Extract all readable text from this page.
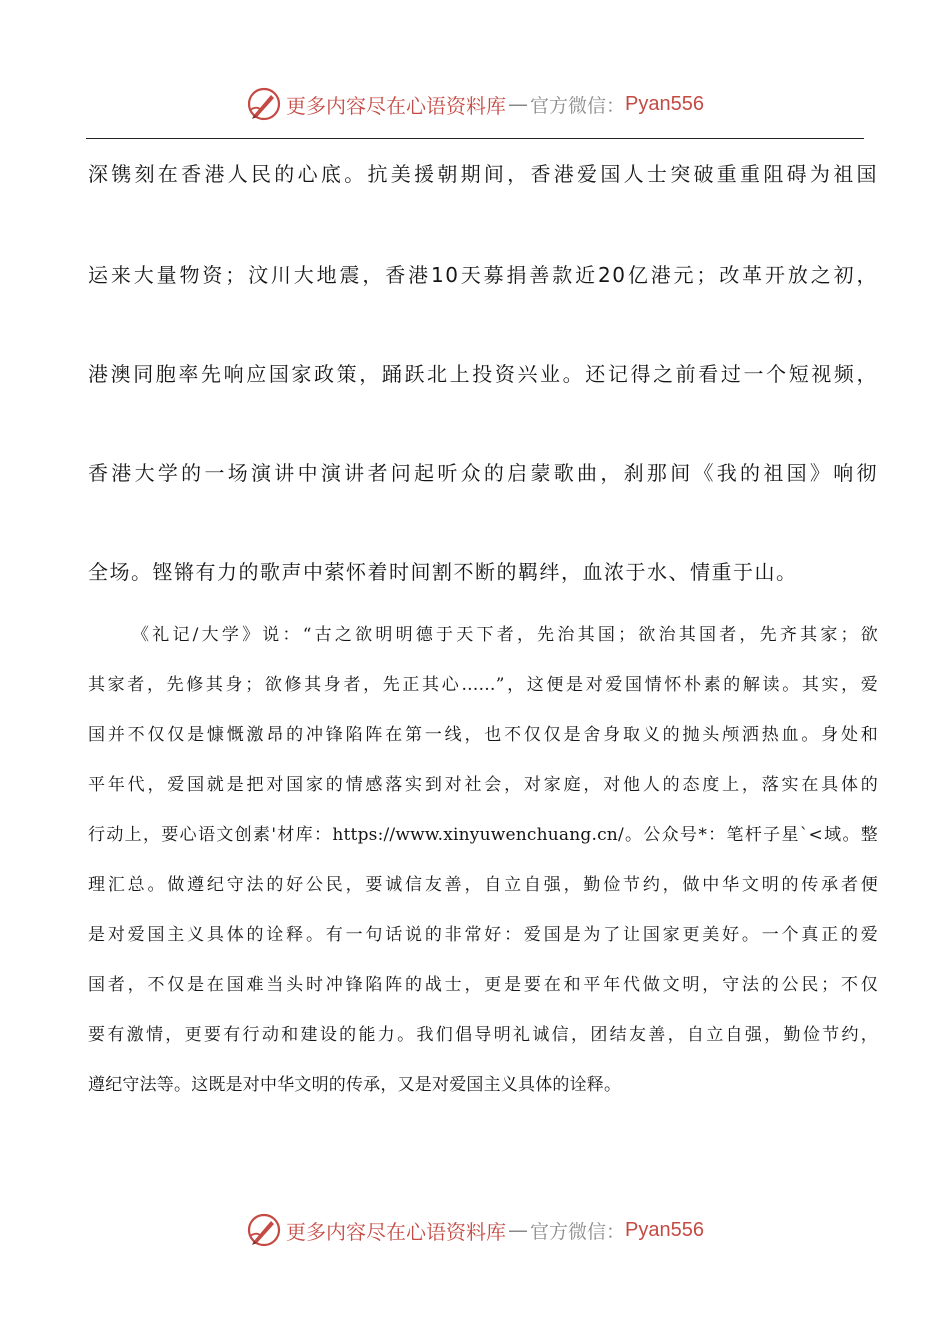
更多内容尽在心语资料库 — 官方微信： Pyan556
深镌刻在香港人民的心底。抗美援朝期间，香港爱国人士突破重重阻碍为祖国
运来大量物资；汶川大地震，香港10天募捐善款近20亿港元；改革开放之初，
港澳同胞率先响应国家政策，踊跃北上投资兴业。还记得之前看过一个短视频，
香港大学的一场演讲中演讲者问起听众的启蒙歌曲，刹那间《我的祖国》响彻
全场。铿锵有力的歌声中萦怀着时间割不断的羁绊，血浓于水、情重于山。
《礼记/大学》说：“古之欲明明德于天下者，先治其国；欲治其国者，先齐其家；欲
其家者，先修其身；欲修其身者，先正其心……”，这便是对爱国情怀朴素的解读。其实，爱
国并不仅仅是慷慨激昂的冲锋陷阵在第一线，也不仅仅是舍身取义的抛头颅洒热血。身处和
平年代，爱国就是把对国家的情感落实到对社会，对家庭，对他人的态度上，落实在具体的
行动上，要心语文创素'材库：https://www.xinyuwenchuang.cn/。公众号*：笔杆子星`<域。整
理汇总。做遵纪守法的好公民，要诚信友善，自立自强，勤俭节约，做中华文明的传承者便
是对爱国主义具体的诠释。有一句话说的非常好：爱国是为了让国家更美好。一个真正的爱
国者，不仅是在国难当头时冲锋陷阵的战士，更是要在和平年代做文明，守法的公民；不仅
要有激情，更要有行动和建设的能力。我们倡导明礼诚信，团结友善，自立自强，勤俭节约，
遵纪守法等。这既是对中华文明的传承，又是对爱国主义具体的诠释。
更多内容尽在心语资料库 — 官方微信： Pyan556
